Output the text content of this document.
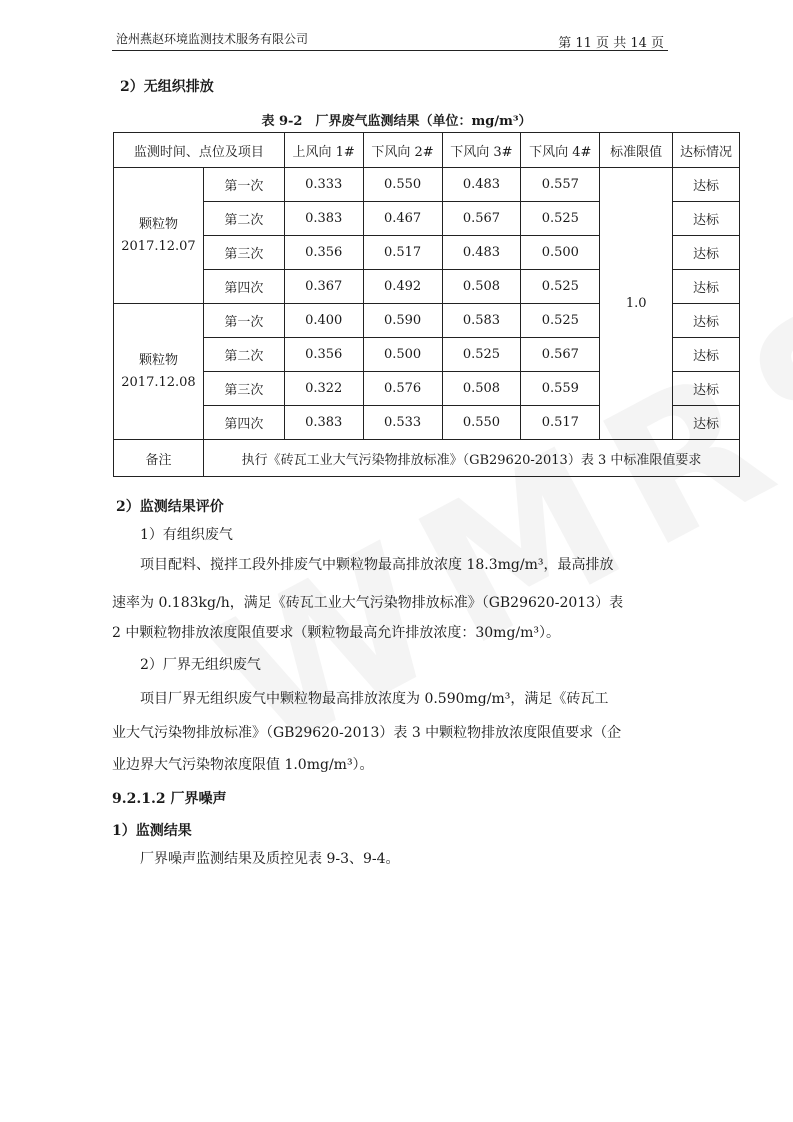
沧州燕赵环境监测技术服务有限公司	第 11 页 共 14 页
2）无组织排放
表 9-2　厂界废气监测结果（单位：mg/m³）
监测时间、点位及项目		上风向 1#	下风向 2#	下风向 3#	下风向 4#	标准限值	达标情况
颗粒物
2017.12.07	第一次	0.333	0.550	0.483	0.557	1.0	达标
	第二次	0.383	0.467	0.567	0.525		达标
	第三次	0.356	0.517	0.483	0.500		达标
	第四次	0.367	0.492	0.508	0.525		达标
颗粒物
2017.12.08	第一次	0.400	0.590	0.583	0.525		达标
	第二次	0.356	0.500	0.525	0.567		达标
	第三次	0.322	0.576	0.508	0.559		达标
	第四次	0.383	0.533	0.550	0.517		达标
备注	执行《砖瓦工业大气污染物排放标准》（GB29620-2013）表 3 中标准限值要求						
2）监测结果评价
1）有组织废气
项目配料、搅拌工段外排废气中颗粒物最高排放浓度 18.3mg/m³，最高排放
速率为 0.183kg/h，满足《砖瓦工业大气污染物排放标准》（GB29620-2013）表
2 中颗粒物排放浓度限值要求（颗粒物最高允许排放浓度：30mg/m³）。
2）厂界无组织废气
项目厂界无组织废气中颗粒物最高排放浓度为 0.590mg/m³，满足《砖瓦工
业大气污染物排放标准》（GB29620-2013）表 3 中颗粒物排放浓度限值要求（企
业边界大气污染物浓度限值 1.0mg/m³）。
9.2.1.2 厂界噪声
1）监测结果
厂界噪声监测结果及质控见表 9-3、9-4。
